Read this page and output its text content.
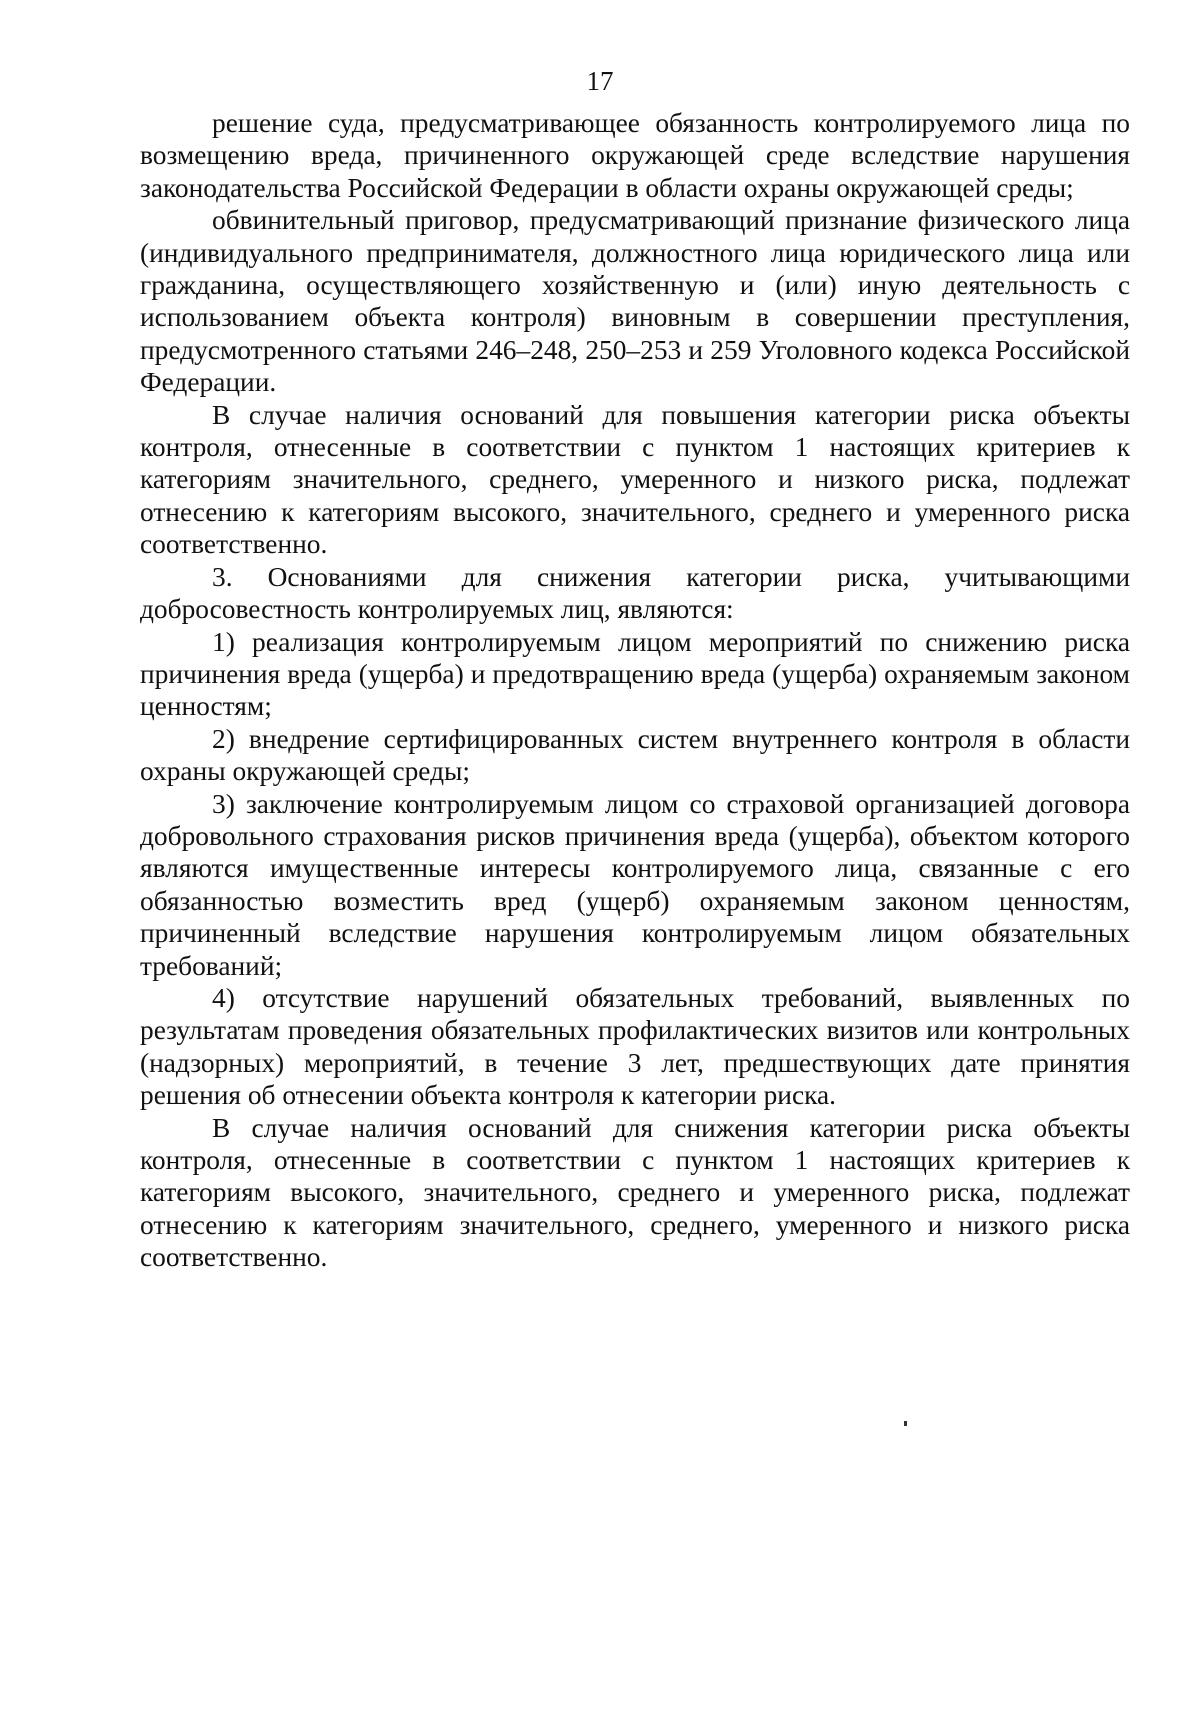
17

решение суда, предусматривающее обязанность контролируемого лица по возмещению вреда, причиненного окружающей среде вследствие нарушения законодательства Российской Федерации в области охраны окружающей среды;

обвинительный приговор, предусматривающий признание физического лица (индивидуального предпринимателя, должностного лица юридического лица или гражданина, осуществляющего хозяйственную и (или) иную деятельность с использованием объекта контроля) виновным в совершении преступления, предусмотренного статьями 246–248, 250–253 и 259 Уголовного кодекса Российской Федерации.

В случае наличия оснований для повышения категории риска объекты контроля, отнесенные в соответствии с пунктом 1 настоящих критериев к категориям значительного, среднего, умеренного и низкого риска, подлежат отнесению к категориям высокого, значительного, среднего и умеренного риска соответственно.

3. Основаниями для снижения категории риска, учитывающими добросовестность контролируемых лиц, являются:

1) реализация контролируемым лицом мероприятий по снижению риска причинения вреда (ущерба) и предотвращению вреда (ущерба) охраняемым законом ценностям;

2) внедрение сертифицированных систем внутреннего контроля в области охраны окружающей среды;

3) заключение контролируемым лицом со страховой организацией договора добровольного страхования рисков причинения вреда (ущерба), объектом которого являются имущественные интересы контролируемого лица, связанные с его обязанностью возместить вред (ущерб) охраняемым законом ценностям, причиненный вследствие нарушения контролируемым лицом обязательных требований;

4) отсутствие нарушений обязательных требований, выявленных по результатам проведения обязательных профилактических визитов или контрольных (надзорных) мероприятий, в течение 3 лет, предшествующих дате принятия решения об отнесении объекта контроля к категории риска.

В случае наличия оснований для снижения категории риска объекты контроля, отнесенные в соответствии с пунктом 1 настоящих критериев к категориям высокого, значительного, среднего и умеренного риска, подлежат отнесению к категориям значительного, среднего, умеренного и низкого риска соответственно.
